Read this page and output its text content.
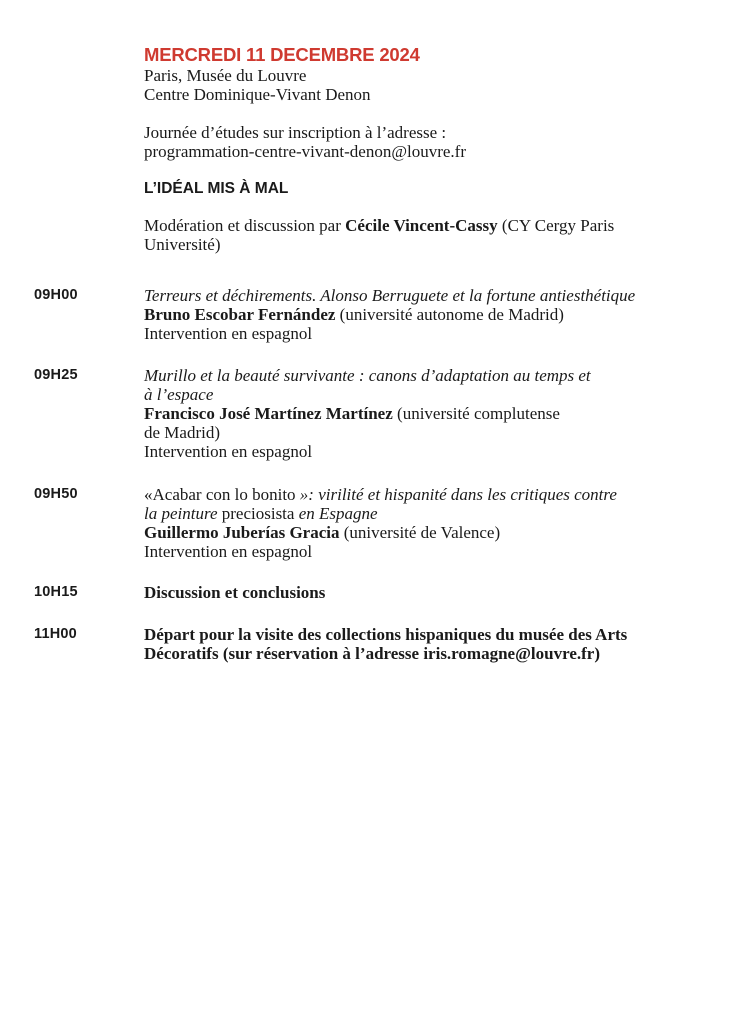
MERCREDI 11 DECEMBRE 2024
Paris, Musée du Louvre
Centre Dominique-Vivant Denon
Journée d’études sur inscription à l’adresse :
programmation-centre-vivant-denon@louvre.fr
L’IDÉAL MIS À MAL
Modération et discussion par Cécile Vincent-Cassy (CY Cergy Paris
Université)
09H00	Terreurs et déchirements. Alonso Berruguete et la fortune antiesthétique
Bruno Escobar Fernández (université autonome de Madrid)
Intervention en espagnol
09H25	Murillo et la beauté survivante : canons d’adaptation au temps et
à l’espace
Francisco José Martínez Martínez (université complutense
de Madrid)
Intervention en espagnol
09H50	«Acabar con lo bonito »: virilité et hispanité dans les critiques contre
la peinture preciosista en Espagne
Guillermo Juberías Gracia (université de Valence)
Intervention en espagnol
10H15	Discussion et conclusions
11H00	Départ pour la visite des collections hispaniques du musée des Arts
Décoratifs (sur réservation à l’adresse iris.romagne@louvre.fr)
